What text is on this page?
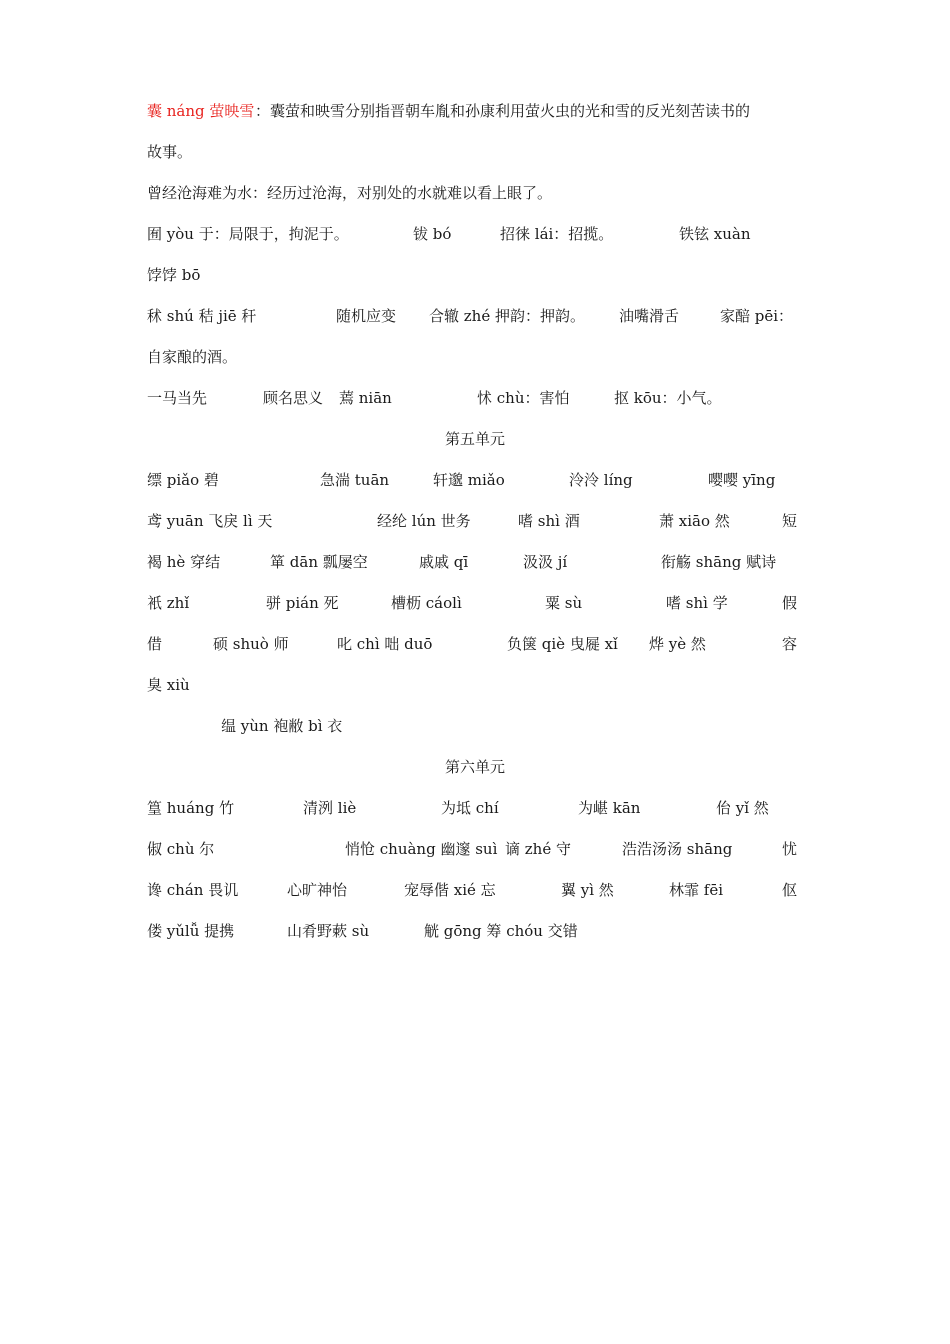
囊 náng 萤映雪 ：囊萤和映雪分别指晋朝车胤和孙康利用萤火虫的光和雪的反光刻苦读书的
故事。
曾经沧海难为水：经历过沧海，对别处的水就难以看上眼了。
囿 yòu 于：局限于，拘泥于。	钹 bó	招徕 lái：招揽。	铁铉 xuàn
饽饽 bō
秫 shú 秸 jiē 秆	随机应变 合辙 zhé 押韵：押韵。 油嘴滑舌	家醅 pēi：
自家酿的酒。
一马当先	顾名思义 蔫 niān	怵 chù：害怕	抠 kōu：小气。
第五单元
缥 piǎo 碧	急湍 tuān	轩邈 miǎo	泠泠 líng	嘤嘤 yīng
鸢 yuān 飞戾 lì 天	经纶 lún 世务	嗜 shì 酒	萧 xiāo 然	短
褐 hè 穿结	箪 dān 瓢屡空	戚戚 qī	汲汲 jí	衔觞 shāng 赋诗
衹 zhǐ	骈 pián 死	槽枥 cáolì	粟 sù	嗜 shì 学	假
借	硕 shuò 师	叱 chì 咄 duō	负箧 qiè 曳屣 xǐ 烨 yè 然	容
臭 xiù
缊 yùn 袍敝 bì 衣
第六单元
篁 huáng 竹	清洌 liè	为坻 chí	为嵁 kān	佁 yǐ 然
俶 chù 尔	悄怆 chuàng 幽邃 suì 谪 zhé 守	浩浩汤汤 shāng	忧
谗 chán 畏讥	心旷神怡	宠辱偕 xié 忘	翼 yì 然	林霏 fēi	伛
偻 yǔlǚ 提携	山肴野蔌 sù	觥 gōng 筹 chóu 交错
